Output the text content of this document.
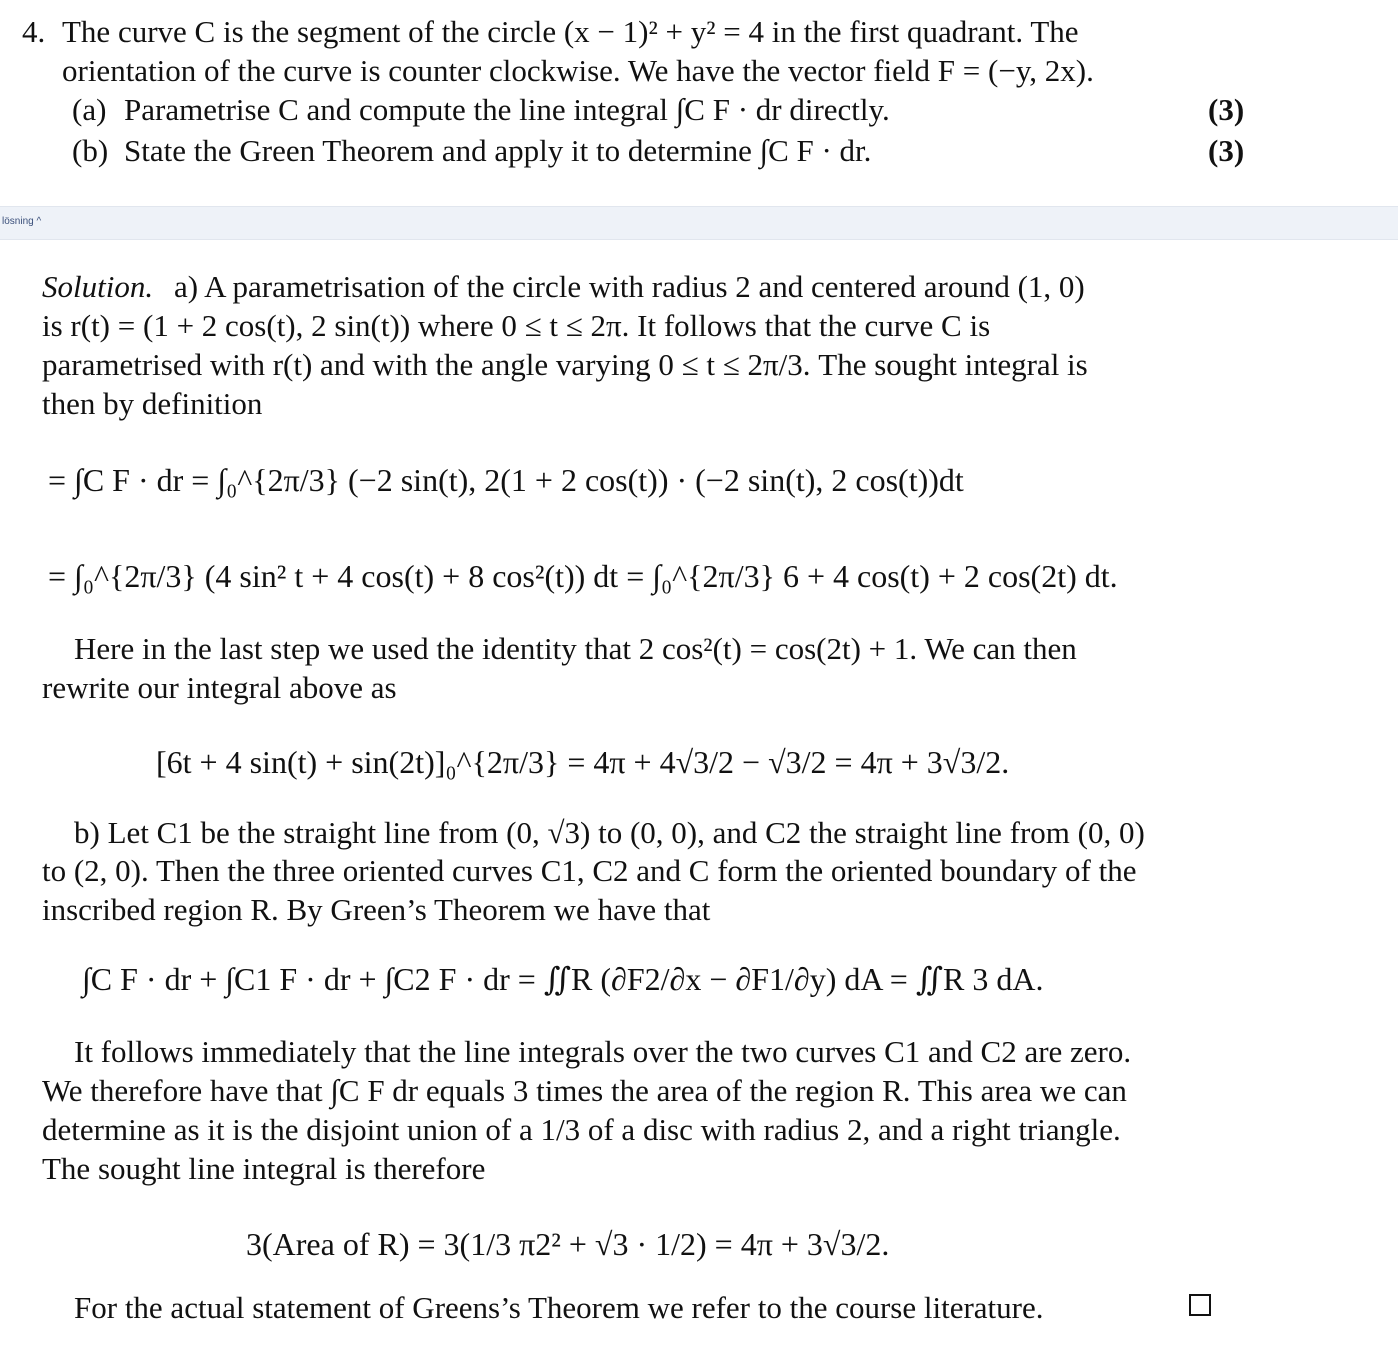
4. The curve C is the segment of the circle (x − 1)² + y² = 4 in the first quadrant. The
orientation of the curve is counter clockwise. We have the vector field F = (−y, 2x).
(a) Parametrise C and compute the line integral ∫C F · dr directly.	(3)
(b) State the Green Theorem and apply it to determine ∫C F · dr.	(3)
lösning ^
Solution. a) A parametrisation of the circle with radius 2 and centered around (1, 0)
is r(t) = (1 + 2 cos(t), 2 sin(t)) where 0 ≤ t ≤ 2π. It follows that the curve C is
parametrised with r(t) and with the angle varying 0 ≤ t ≤ 2π/3. The sought integral is
then by definition
= ∫C F · dr = ∫₀^{2π/3} (−2 sin(t), 2(1 + 2 cos(t)) · (−2 sin(t), 2 cos(t))dt
= ∫₀^{2π/3} (4 sin² t + 4 cos(t) + 8 cos²(t)) dt = ∫₀^{2π/3} 6 + 4 cos(t) + 2 cos(2t) dt.
Here in the last step we used the identity that 2 cos²(t) = cos(2t) + 1. We can then
rewrite our integral above as
[6t + 4 sin(t) + sin(2t)]₀^{2π/3} = 4π + 4√3/2 − √3/2 = 4π + 3√3/2.
b) Let C1 be the straight line from (0, √3) to (0, 0), and C2 the straight line from (0, 0)
to (2, 0). Then the three oriented curves C1, C2 and C form the oriented boundary of the
inscribed region R. By Green’s Theorem we have that
∫C F · dr + ∫C1 F · dr + ∫C2 F · dr = ∬R (∂F2/∂x − ∂F1/∂y) dA = ∬R 3 dA.
It follows immediately that the line integrals over the two curves C1 and C2 are zero.
We therefore have that ∫C F dr equals 3 times the area of the region R. This area we can
determine as it is the disjoint union of a 1/3 of a disc with radius 2, and a right triangle.
The sought line integral is therefore
3(Area of R) = 3(1/3 π2² + √3 · 1/2) = 4π + 3√3/2.
For the actual statement of Greens’s Theorem we refer to the course literature.
